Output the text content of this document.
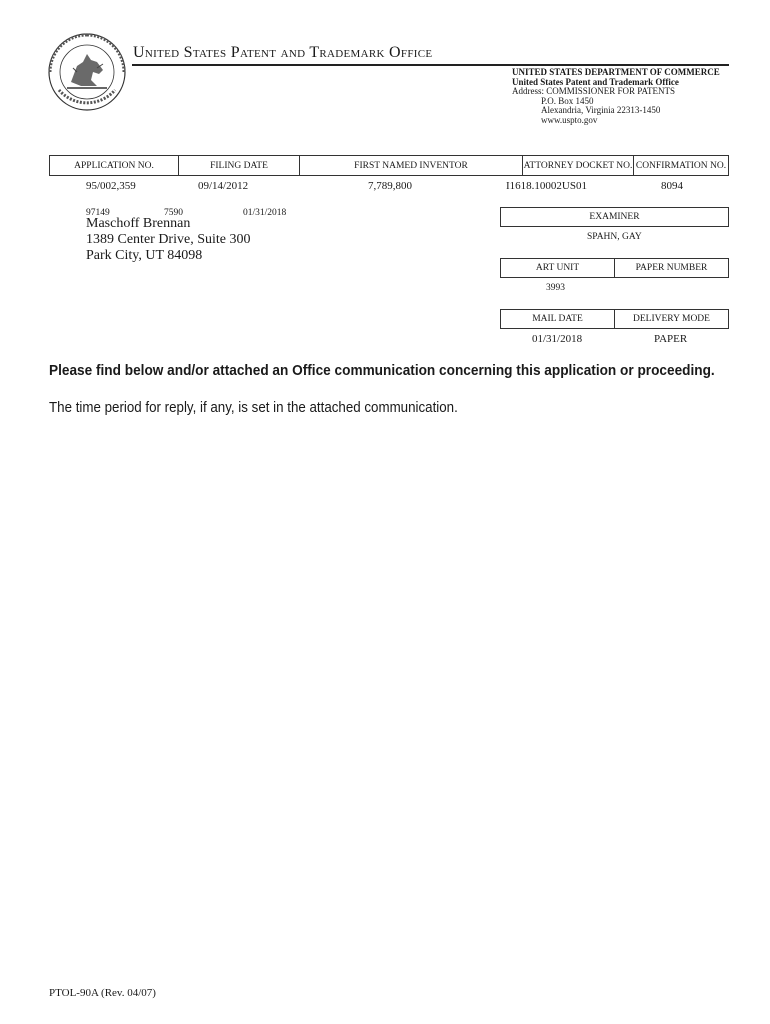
United States Patent and Trademark Office
UNITED STATES DEPARTMENT OF COMMERCE
United States Patent and Trademark Office
Address: COMMISSIONER FOR PATENTS
P.O. Box 1450
Alexandria, Virginia 22313-1450
www.uspto.gov
APPLICATION NO.	FILING DATE	FIRST NAMED INVENTOR	ATTORNEY DOCKET NO. CONFIRMATION NO.
95/002,359	09/14/2012	7,789,800	I1618.10002US01	8094
97149	7590	01/31/2018
Maschoff Brennan
1389 Center Drive, Suite 300
Park City, UT 84098
EXAMINER
SPAHN, GAY
ART UNIT	PAPER NUMBER
3993
MAIL DATE	DELIVERY MODE
01/31/2018	PAPER
Please find below and/or attached an Office communication concerning this application or proceeding.
The time period for reply, if any, is set in the attached communication.
PTOL-90A (Rev. 04/07)
